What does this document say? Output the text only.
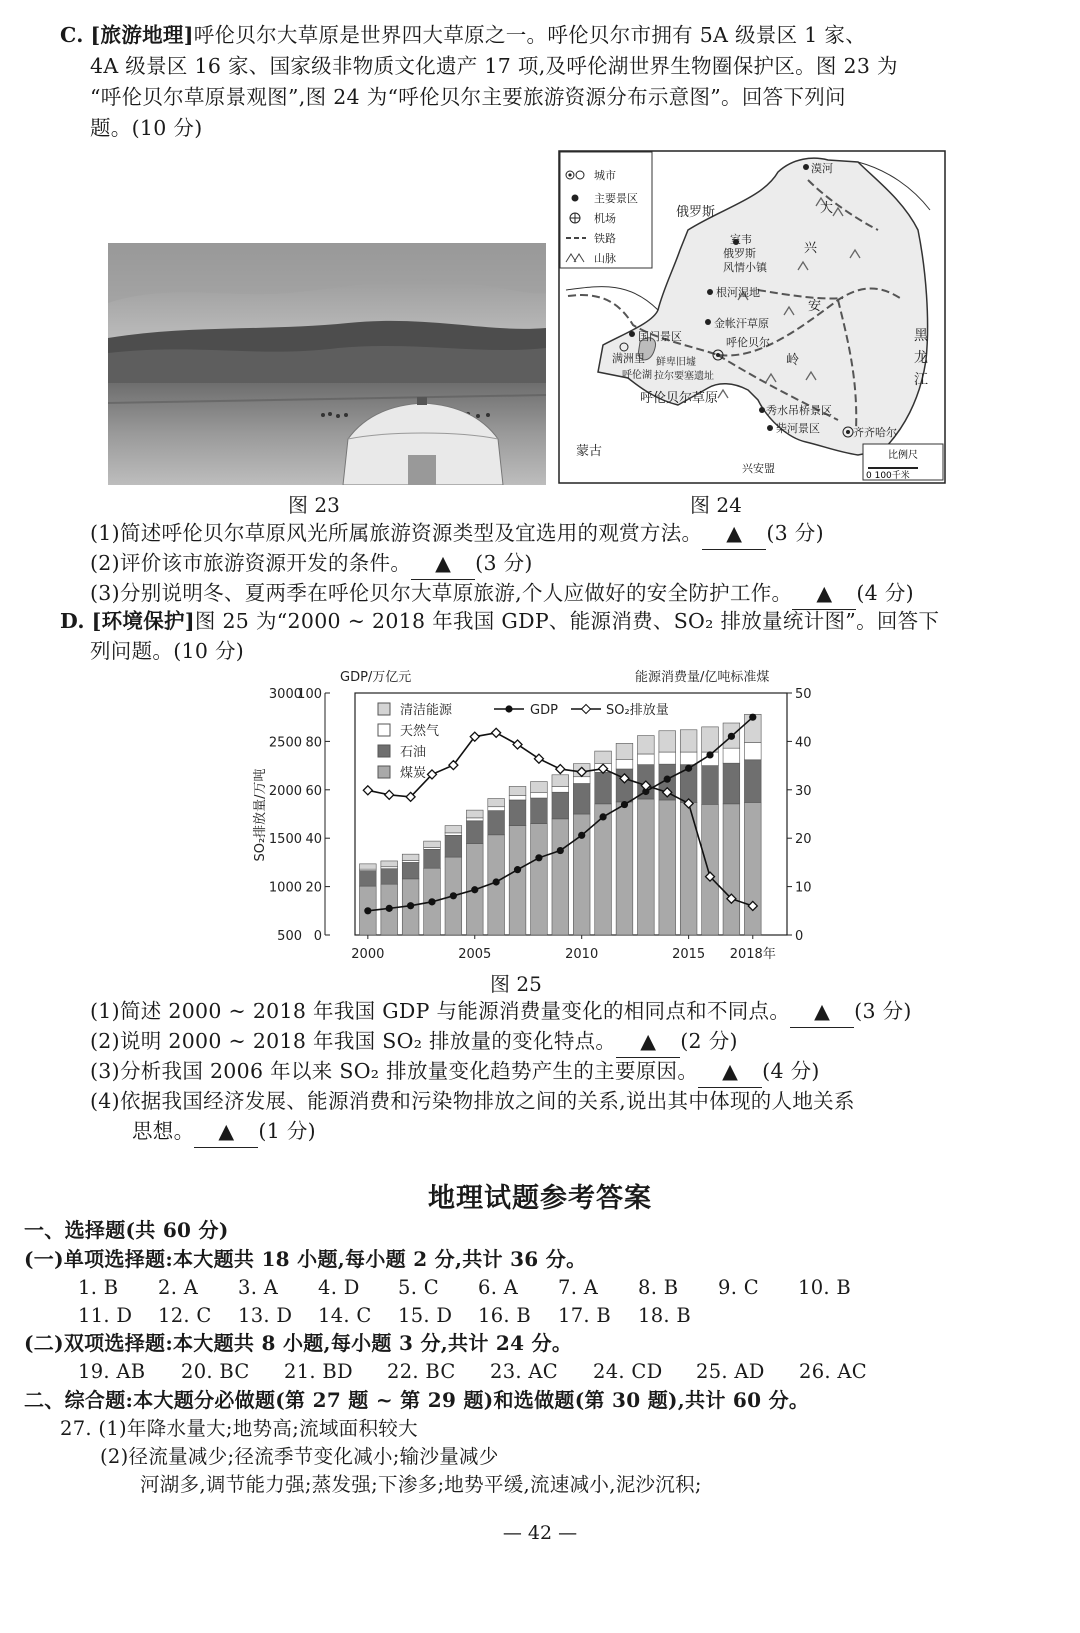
C. [旅游地理]呼伦贝尔大草原是世界四大草原之一。呼伦贝尔市拥有 5A 级景区 1 家、
4A 级景区 16 家、国家级非物质文化遗产 17 项,及呼伦湖世界生物圈保护区。图 23 为
“呼伦贝尔草原景观图”,图 24 为“呼伦贝尔主要旅游资源分布示意图”。回答下列问
题。(10 分)
图 23
城市
主要景区
机场
铁路
山脉
俄罗斯
蒙古
黑
龙
江
大
兴
安
岭
漠河
室韦
俄罗斯
风情小镇
根河湿地
金帐汗草原
国门景区
满洲里
呼伦贝尔
呼伦湖
鲜卑旧墟
拉尔要塞遗址
呼伦贝尔草原
秀水吊桥景区
柴河景区	齐齐哈尔
兴安盟
比例尺
0 100千米
图 24
(1)简述呼伦贝尔草原风光所属旅游资源类型及宜选用的观赏方法。 ▲ (3 分)
(2)评价该市旅游资源开发的条件。 ▲ (3 分)
(3)分别说明冬、夏两季在呼伦贝尔大草原旅游,个人应做好的安全防护工作。 ▲ (4 分)
D. [环境保护]图 25 为“2000 ~ 2018 年我国 GDP、能源消费、SO₂ 排放量统计图”。回答下
列问题。(10 分)
GDP/万亿元	能源消费量/亿吨标准煤
SO₂排放量/万吨
3000
2500
2000
1500
1000
500
100
80
60
40
20
0
50
40
30
20
10
0
2000	2005	2010	2015 2018年
清洁能源
天然气
石油
煤炭
GDP	SO₂排放量
图 25
(1)简述 2000 ~ 2018 年我国 GDP 与能源消费量变化的相同点和不同点。 ▲ (3 分)
(2)说明 2000 ~ 2018 年我国 SO₂ 排放量的变化特点。 ▲ (2 分)
(3)分析我国 2006 年以来 SO₂ 排放量变化趋势产生的主要原因。 ▲ (4 分)
(4)依据我国经济发展、能源消费和污染物排放之间的关系,说出其中体现的人地关系
思想。 ▲ (1 分)
地理试题参考答案
一、选择题(共 60 分)
(一)单项选择题:本大题共 18 小题,每小题 2 分,共计 36 分。
1. B 2. A 3. A 4. D 5. C 6. A 7. A 8. B 9. C 10. B
11. D 12. C 13. D 14. C 15. D 16. B 17. B 18. B
(二)双项选择题:本大题共 8 小题,每小题 3 分,共计 24 分。
19. AB 20. BC 21. BD 22. BC 23. AC 24. CD 25. AD 26. AC
二、综合题:本大题分必做题(第 27 题 ~ 第 29 题)和选做题(第 30 题),共计 60 分。
27. (1)年降水量大;地势高;流域面积较大
(2)径流量减少;径流季节变化减小;输沙量减少
河湖多,调节能力强;蒸发强;下渗多;地势平缓,流速减小,泥沙沉积;
— 42 —
